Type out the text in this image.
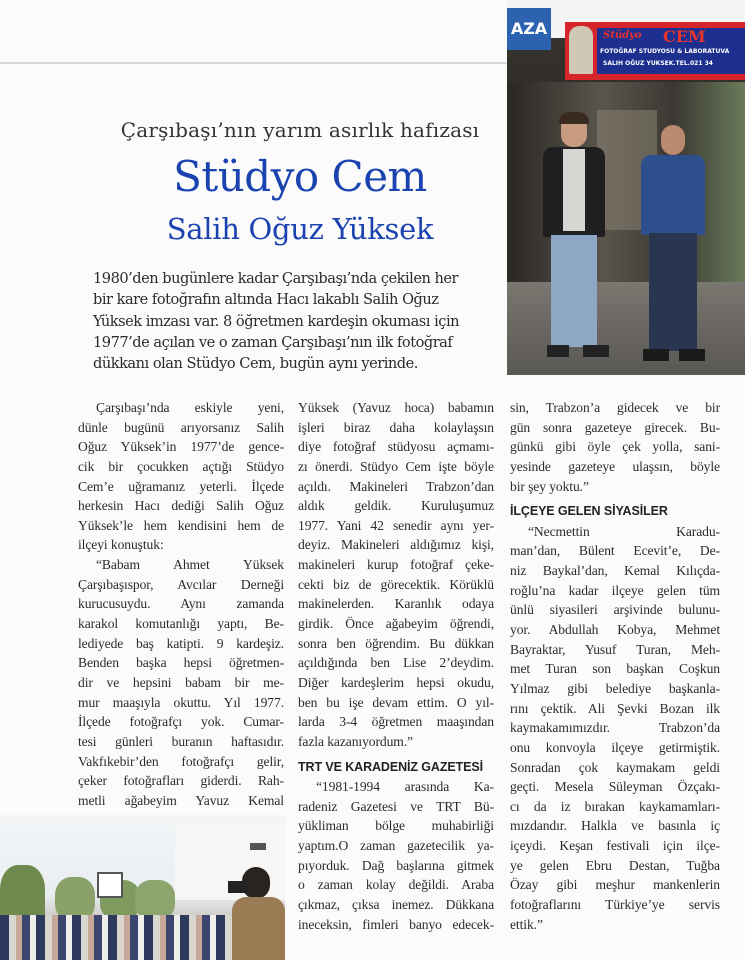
Çarşıbaşı’nın yarım asırlık hafızası
Stüdyo Cem
Salih Oğuz Yüksek
1980’den bugünlere kadar Çarşıbaşı’nda çekilen her
bir kare fotoğrafın altında Hacı lakablı Salih Oğuz
Yüksek imzası var. 8 öğretmen kardeşin okuması için
1977’de açılan ve o zaman Çarşıbaşı’nın ilk fotoğraf
dükkanı olan Stüdyo Cem, bugün aynı yerinde.
Çarşıbaşı’nda eskiyle yeni,
dünle bugünü arıyorsanız Salih
Oğuz Yüksek’in 1977’de gence-
cik bir çocukken açtığı Stüdyo
Cem’e uğramanız yeterli. İlçede
herkesin Hacı dediği Salih Oğuz
Yüksek’le hem kendisini hem de
ilçeyi konuştuk:
“Babam Ahmet Yüksek
Çarşıbaşıspor, Avcılar Derneği
kurucusuydu. Aynı zamanda
karakol komutanlığı yaptı, Be-
lediyede baş katipti. 9 kardeşiz.
Benden başka hepsi öğretmen-
dir ve hepsini babam bir me-
mur maaşıyla okuttu. Yıl 1977.
İlçede fotoğrafçı yok. Cumar-
tesi günleri buranın haftasıdır.
Vakfıkebir’den fotoğrafçı gelir,
çeker fotoğrafları giderdi. Rah-
metli ağabeyim Yavuz Kemal
Yüksek (Yavuz hoca) babamın
işleri biraz daha kolaylaşsın
diye fotoğraf stüdyosu açmamı-
zı önerdi. Stüdyo Cem işte böyle
açıldı. Makineleri Trabzon’dan
aldık geldik. Kuruluşumuz
1977. Yani 42 senedir aynı yer-
deyiz. Makineleri aldığımız kişi,
makineleri kurup fotoğraf çeke-
cekti biz de görecektik. Körüklü
makinelerden. Karanlık odaya
girdik. Önce ağabeyim öğrendi,
sonra ben öğrendim. Bu dükkan
açıldığında ben Lise 2’deydim.
Diğer kardeşlerim hepsi okudu,
ben bu işe devam ettim. O yıl-
larda 3-4 öğretmen maaşından
fazla kazanıyordum.”
TRT VE KARADENİZ GAZETESİ
“1981-1994 arasında Ka-
radeniz Gazetesi ve TRT Bü-
yükliman bölge muhabirliği
yaptım.O zaman gazetecilik ya-
pıyorduk. Dağ başlarına gitmek
o zaman kolay değildi. Araba
çıkmaz, çıksa inemez. Dükkana
ineceksin, fimleri banyo edecek-
sin, Trabzon’a gidecek ve bir
gün sonra gazeteye girecek. Bu-
günkü gibi öyle çek yolla, sani-
yesinde gazeteye ulaşsın, böyle
bir şey yoktu.”
İLÇEYE GELEN SİYASİLER
“Necmettin Karadu-
man’dan, Bülent Ecevit’e, De-
niz Baykal’dan, Kemal Kılıçda-
roğlu’na kadar ilçeye gelen tüm
ünlü siyasileri arşivinde bulunu-
yor. Abdullah Kobya, Mehmet
Bayraktar, Yusuf Turan, Meh-
met Turan son başkan Coşkun
Yılmaz gibi belediye başkanla-
rını çektik. Ali Şevki Bozan ilk
kaymakamımızdır. Trabzon’da
onu konvoyla ilçeye getirmiştik.
Sonradan çok kaymakam geldi
geçti. Mesela Süleyman Özçakı-
cı da iz bırakan kaykamamları-
mızdandır. Halkla ve basınla iç
içeydi. Keşan festivali için ilçe-
ye gelen Ebru Destan, Tuğba
Özay gibi meşhur mankenlerin
fotoğraflarını Türkiye’ye servis
ettik.”
AZA	Stüdyo CEM
FOTOĞRAF STUDYOSU & LABORATUVA
SALIH OĞUZ YUKSEK.TEL.021 34
